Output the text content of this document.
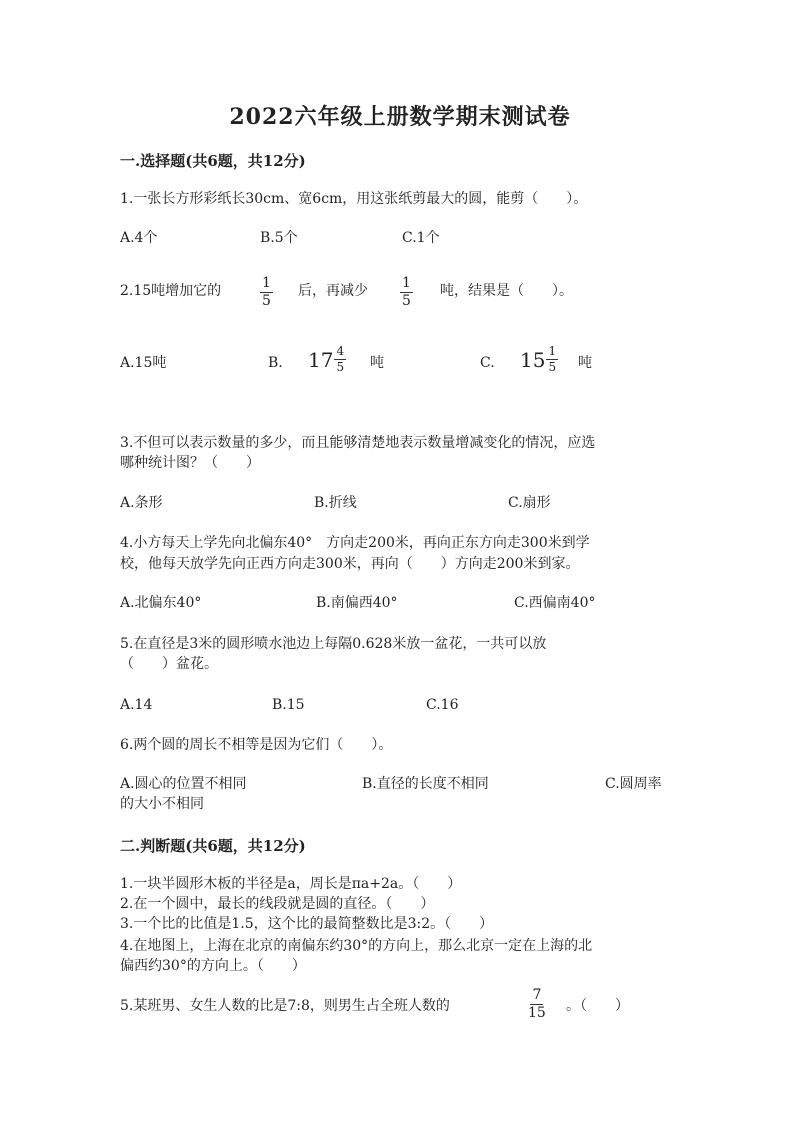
2022六年级上册数学期末测试卷
一.选择题(共6题，共12分)
1.一张长方形彩纸长30cm、宽6cm，用这张纸剪最大的圆，能剪（　　）。
A.4个	B.5个	C.1个
2.15吨增加它的	$\frac{1}{5}$ 后，再减少 $\frac{1}{5}$ 吨，结果是（　　）。
A.15吨	B. $17 \frac{4}{5}$ 吨	C. $15 \frac{1}{5}$ 吨
3.不但可以表示数量的多少，而且能够清楚地表示数量增减变化的情况，应选
哪种统计图？（　　）
A.条形	B.折线	C.扇形
4.小方每天上学先向北偏东40°　方向走200米，再向正东方向走300米到学
校，他每天放学先向正西方向走300米，再向（　　）方向走200米到家。
A.北偏东40°	B.南偏西40°	C.西偏南40°
5.在直径是3米的圆形喷水池边上每隔0.628米放一盆花，一共可以放
（　　）盆花。
A.14	B.15	C.16
6.两个圆的周长不相等是因为它们（　　）。
A.圆心的位置不相同	B.直径的长度不相同	C.圆周率
的大小不相同
二.判断题(共6题，共12分)
1.一块半圆形木板的半径是a，周长是πa+2a。（　　）
2.在一个圆中，最长的线段就是圆的直径。（　　）
3.一个比的比值是1.5，这个比的最简整数比是3:2。（　　）
4.在地图上，上海在北京的南偏东约30°的方向上，那么北京一定在上海的北
偏西约30°的方向上。（　　）
5.某班男、女生人数的比是7:8，则男生占全班人数的	$\frac{7}{15}$ 。（　　）
